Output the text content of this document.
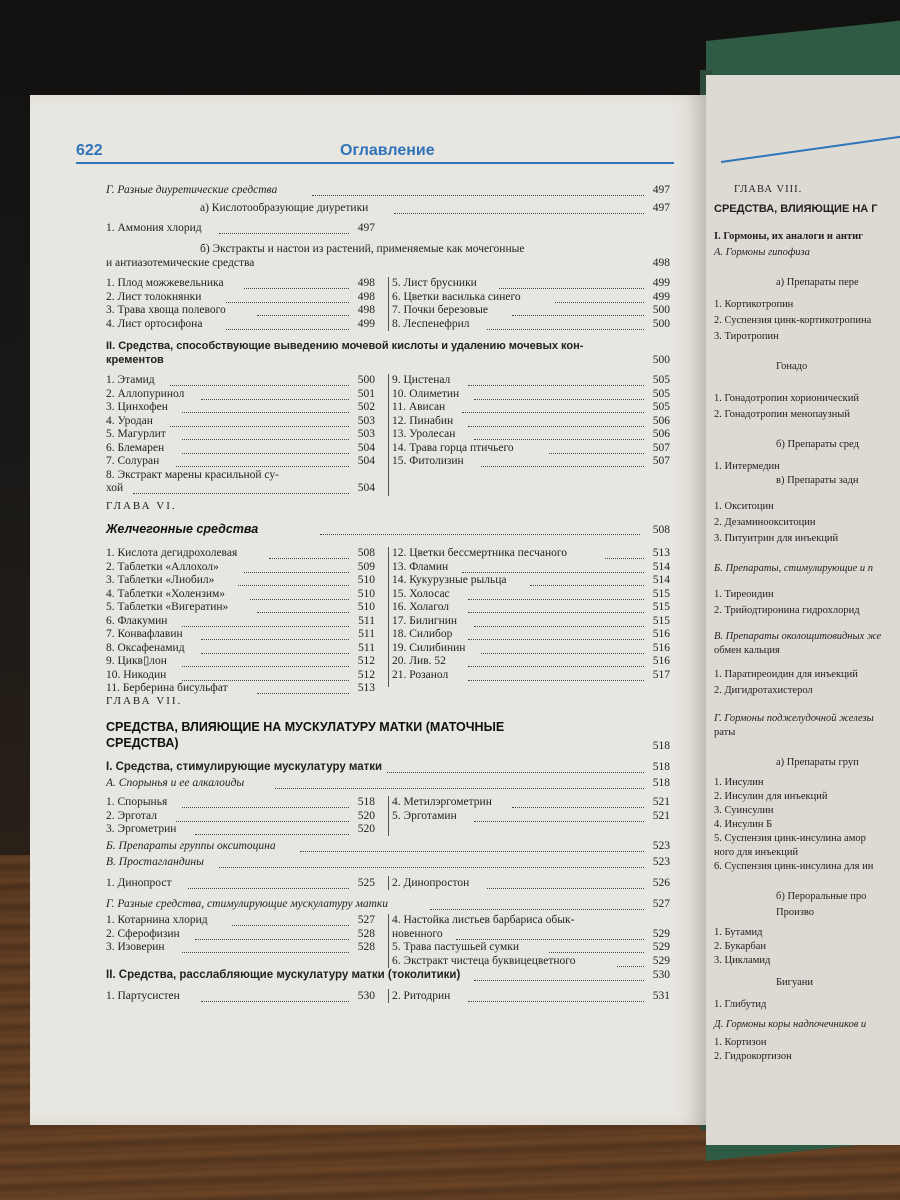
622	Оглавление
Г. Разные диуретические средства	497
а) Кислотообразующие диуретики	497
1. Аммония хлорид	497
б) Экстракты и настои из растений, применяемые как мочегонные
и антиазотемические средства	498
1. Плод можжевельника	498
2. Лист толокнянки	498
3. Трава хвоща полевого	498
4. Лист ортосифона	499
5. Лист брусники	499
6. Цветки василька синего	499
7. Почки березовые	500
8. Леспенефрил	500
II. Средства, способствующие выведению мочевой кислоты и удалению мочевых кон-
крементов	500
1. Этамид	500
2. Аллопуринол	501
3. Цинхофен	502
4. Уродан	503
5. Магурлит	503
6. Блемарен	504
7. Солуран	504
8. Экстракт марены красильной су-
хой	504
9. Цистенал	505
10. Олиметин	505
11. Ависан	505
12. Пинабин	506
13. Уролесан	506
14. Трава горца птичьего	507
15. Фитолизин	507
ГЛАВА VI.
Желчегонные средства	508
1. Кислота дегидрохолевая	508
2. Таблетки «Аллохол»	509
3. Таблетки «Лиобил»	510
4. Таблетки «Холензим»	510
5. Таблетки «Вигератин»	510
6. Флакумин	511
7. Конвафлавин	511
8. Оксафенамид	511
9. Цикв▯лон	512
10. Никодин	512
11. Берберина бисульфат	513
12. Цветки бессмертника песчаного	513
13. Фламин	514
14. Кукурузные рыльца	514
15. Холосас	515
16. Холагол	515
17. Билигнин	515
18. Силибор	516
19. Силибинин	516
20. Лив. 52	516
21. Розанол	517
ГЛАВА VII.
СРЕДСТВА, ВЛИЯЮЩИЕ НА МУСКУЛАТУРУ МАТКИ (МАТОЧНЫЕ
СРЕДСТВА)	518
I. Средства, стимулирующие мускулатуру матки	518
А. Спорынья и ее алкалоиды	518
1. Спорынья	518
2. Эрготал	520
3. Эргометрин	520
4. Метилэргометрин	521
5. Эрготамин	521
Б. Препараты группы окситоцина	523
В. Простагландины	523
1. Динопрост	525 2. Динопростон	526
Г. Разные средства, стимулирующие мускулатуру матки	527
1. Котарнина хлорид	527
2. Сферофизин	528
3. Изоверин	528
4. Настойка листьев барбариса обык-
новенного	529
5. Трава пастушьей сумки	529
6. Экстракт чистеца буквицецветного	529
II. Средства, расслабляющие мускулатуру матки (токолитики)	530
1. Партусистен	530 2. Ритодрин	531
ГЛАВА VIII.
СРЕДСТВА, ВЛИЯЮЩИЕ НА Г
I. Гормоны, их аналоги и антиг
А. Гормоны гипофиза
а) Препараты пере
1. Кортикотропин
2. Суспензия цинк-кортикотропина
3. Тиротропин
Гонадо
1. Гонадотропин хорионический
2. Гонадотропин менопаузный
б) Препараты сред
1. Интермедин
в) Препараты задн
1. Окситоцин
2. Дезаминоокситоцин
3. Питуитрин для инъекций
Б. Препараты, стимулирующие и п
1. Тиреоидин
2. Трийодтиронина гидрохлорид
В. Препараты околощитовидных же
обмен кальция
1. Паратиреоидин для инъекций
2. Дигидротахистерол
Г. Гормоны поджелудочной железы
раты
а) Препараты груп
1. Инсулин
2. Инсулин для инъекций
3. Суинсулин
4. Инсулин Б
5. Суспензия цинк-инсулина амор
ного для инъекций
6. Суспензия цинк-инсулина для ин
б) Пероральные про
Произво
1. Бутамид
2. Букарбан
3. Цикламид
Бигуани
1. Глибутид
Д. Гормоны коры надпочечников и
1. Кортизон
2. Гидрокортизон
